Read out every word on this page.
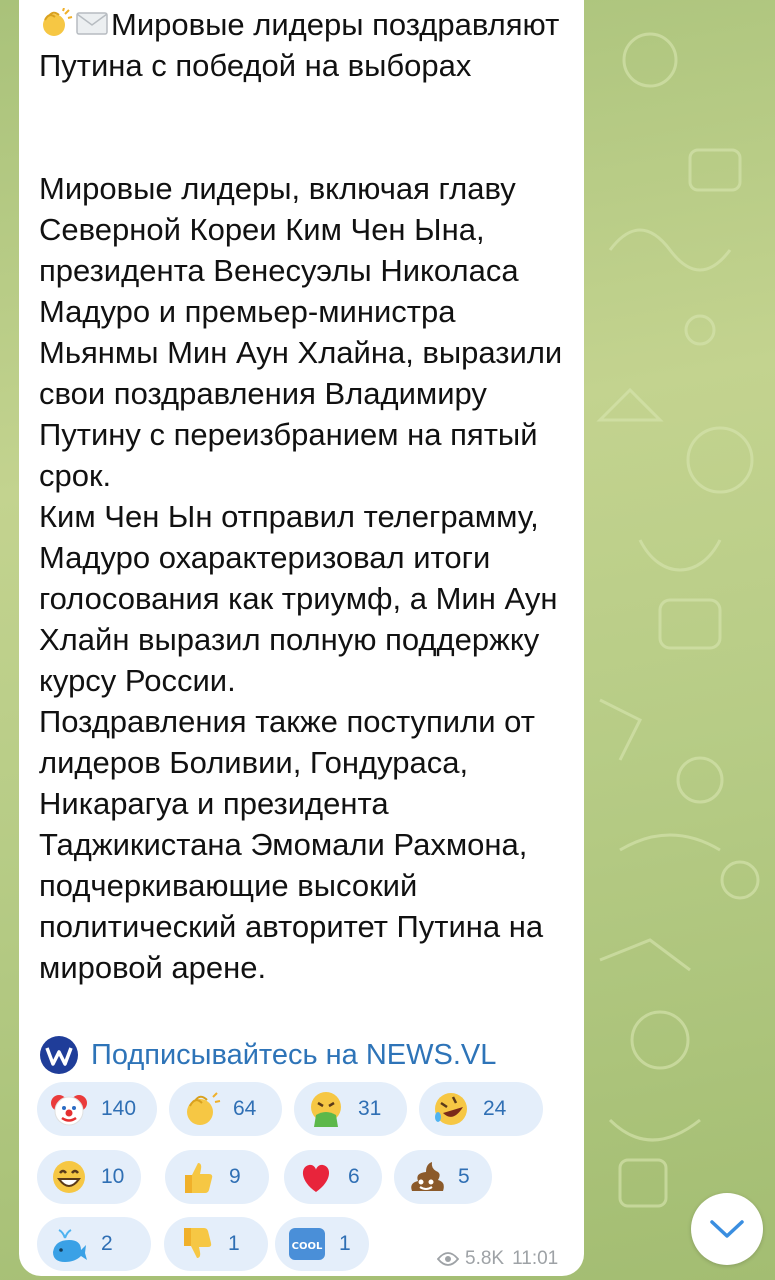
Мировые лидеры поздравляют Путина с победой на выборах
Мировые лидеры, включая главу Северной Кореи Ким Чен Ына, президента Венесуэлы Николаса Мадуро и премьер-министра Мьянмы Мин Аун Хлайна, выразили свои поздравления Владимиру Путину с переизбранием на пятый срок.
Ким Чен Ын отправил телеграмму, Мадуро охарактеризовал итоги голосования как триумф, а Мин Аун Хлайн выразил полную поддержку курсу России.
Поздравления также поступили от лидеров Боливии, Гондураса, Никарагуа и президента Таджикистана Эмомали Рахмона, подчеркивающие высокий политический авторитет Путина на мировой арене.
Подписывайтесь на NEWS.VL
140	64	31	24
10	9	6	5
2	1	COOL 1
5.8K 11:01
